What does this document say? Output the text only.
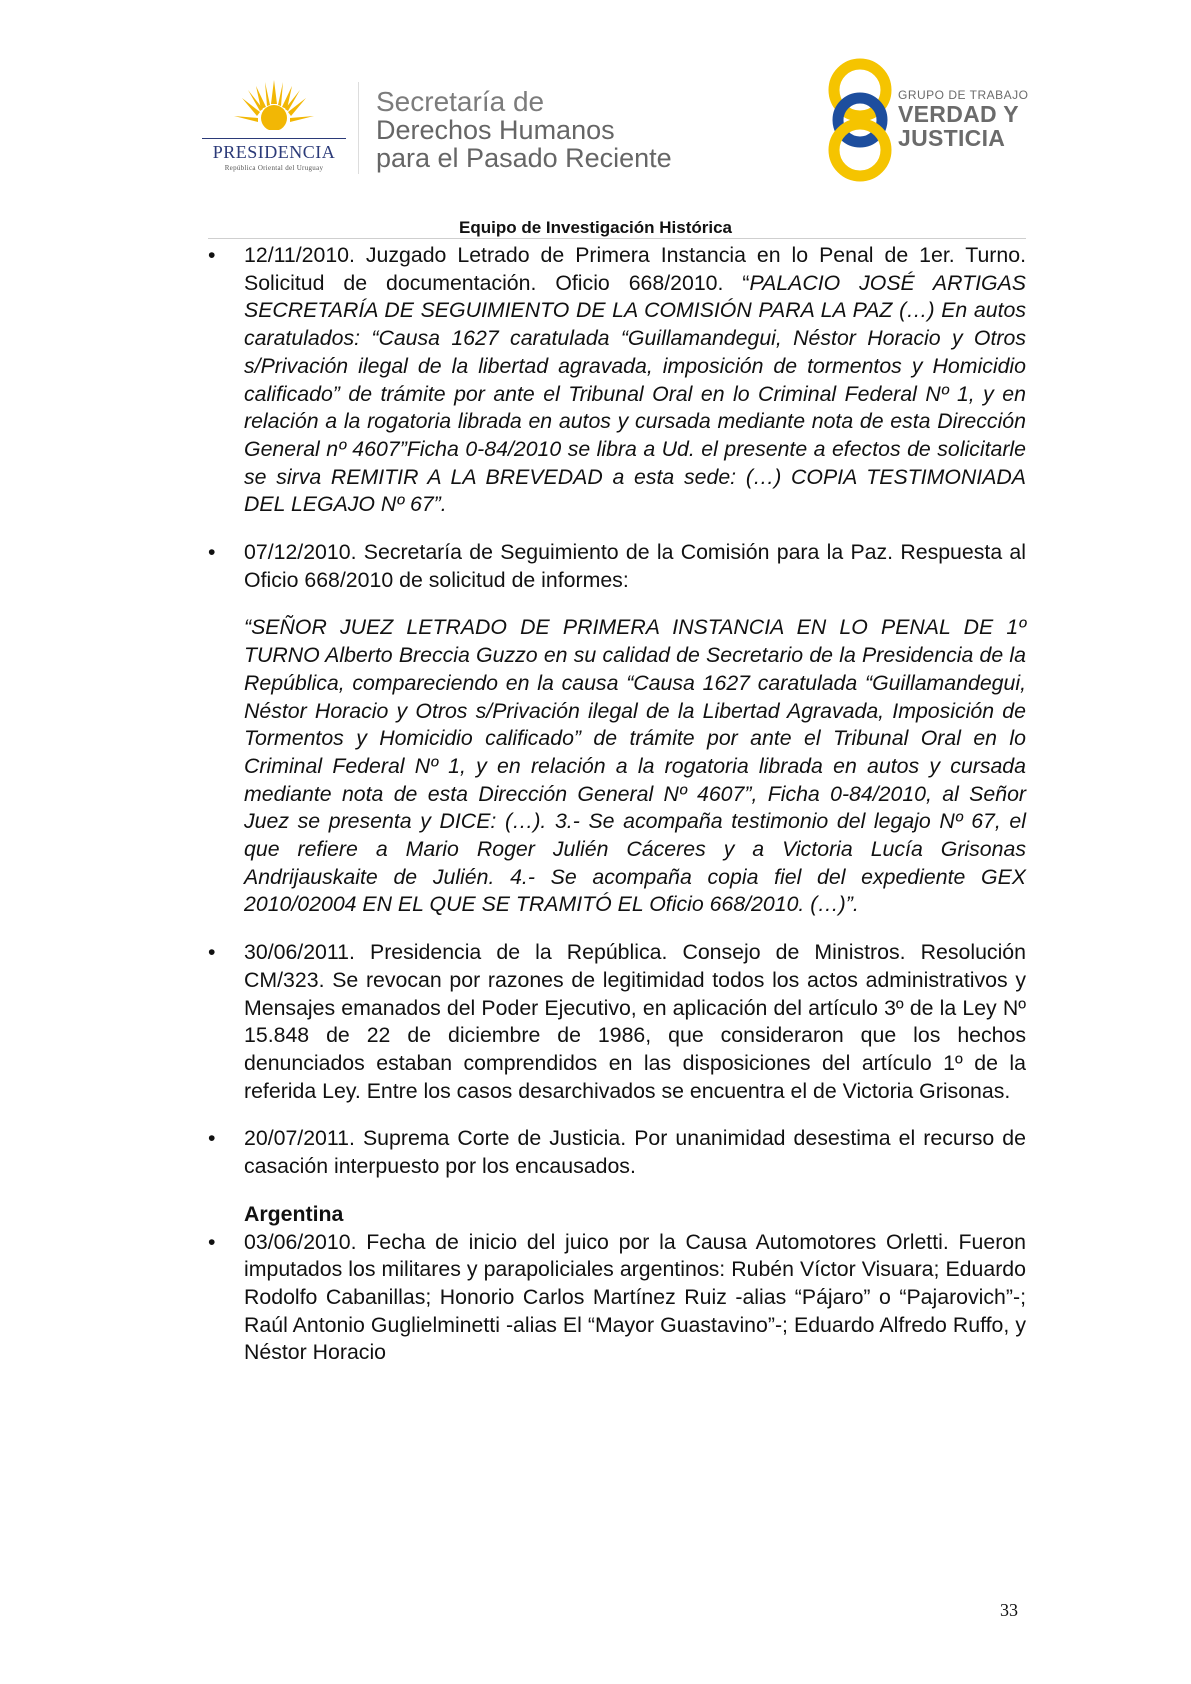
PRESIDENCIA
República Oriental del Uruguay
Secretaría de
Derechos Humanos
para el Pasado Reciente
GRUPO DE TRABAJO
VERDAD Y
JUSTICIA
Equipo de Investigación Histórica
• 12/11/2010. Juzgado Letrado de Primera Instancia en lo Penal de 1er. Turno. Solicitud de documentación. Oficio 668/2010. “PALACIO JOSÉ ARTIGAS SECRETARÍA DE SEGUIMIENTO DE LA COMISIÓN PARA LA PAZ (…) En autos caratulados: “Causa 1627 caratulada “Guillamandegui, Néstor Horacio y Otros s/Privación ilegal de la libertad agravada, imposición de tormentos y Homicidio calificado” de trámite por ante el Tribunal Oral en lo Criminal Federal Nº 1, y en relación a la rogatoria librada en autos y cursada mediante nota de esta Dirección General nº 4607”Ficha 0-84/2010 se libra a Ud. el presente a efectos de solicitarle se sirva REMITIR A LA BREVEDAD a esta sede: (…) COPIA TESTIMONIADA DEL LEGAJO Nº 67”.

• 07/12/2010. Secretaría de Seguimiento de la Comisión para la Paz. Respuesta al Oficio 668/2010 de solicitud de informes:

“SEÑOR JUEZ LETRADO DE PRIMERA INSTANCIA EN LO PENAL DE 1º TURNO Alberto Breccia Guzzo en su calidad de Secretario de la Presidencia de la República, compareciendo en la causa “Causa 1627 caratulada “Guillamandegui, Néstor Horacio y Otros s/Privación ilegal de la Libertad Agravada, Imposición de Tormentos y Homicidio calificado” de trámite por ante el Tribunal Oral en lo Criminal Federal Nº 1, y en relación a la rogatoria librada en autos y cursada mediante nota de esta Dirección General Nº 4607”, Ficha 0-84/2010, al Señor Juez se presenta y DICE: (…). 3.- Se acompaña testimonio del legajo Nº 67, el que refiere a Mario Roger Julién Cáceres y a Victoria Lucía Grisonas Andrijauskaite de Julién. 4.- Se acompaña copia fiel del expediente GEX 2010/02004 EN EL QUE SE TRAMITÓ EL Oficio 668/2010. (…)”.

• 30/06/2011. Presidencia de la República. Consejo de Ministros. Resolución CM/323. Se revocan por razones de legitimidad todos los actos administrativos y Mensajes emanados del Poder Ejecutivo, en aplicación del artículo 3º de la Ley Nº 15.848 de 22 de diciembre de 1986, que consideraron que los hechos denunciados estaban comprendidos en las disposiciones del artículo 1º de la referida Ley. Entre los casos desarchivados se encuentra el de Victoria Grisonas.

• 20/07/2011. Suprema Corte de Justicia. Por unanimidad desestima el recurso de casación interpuesto por los encausados.

Argentina
• 03/06/2010. Fecha de inicio del juico por la Causa Automotores Orletti. Fueron imputados los militares y parapoliciales argentinos: Rubén Víctor Visuara; Eduardo Rodolfo Cabanillas; Honorio Carlos Martínez Ruiz -alias “Pájaro” o “Pajarovich”-; Raúl Antonio Guglielminetti -alias El “Mayor Guastavino”-; Eduardo Alfredo Ruffo, y Néstor Horacio

33
